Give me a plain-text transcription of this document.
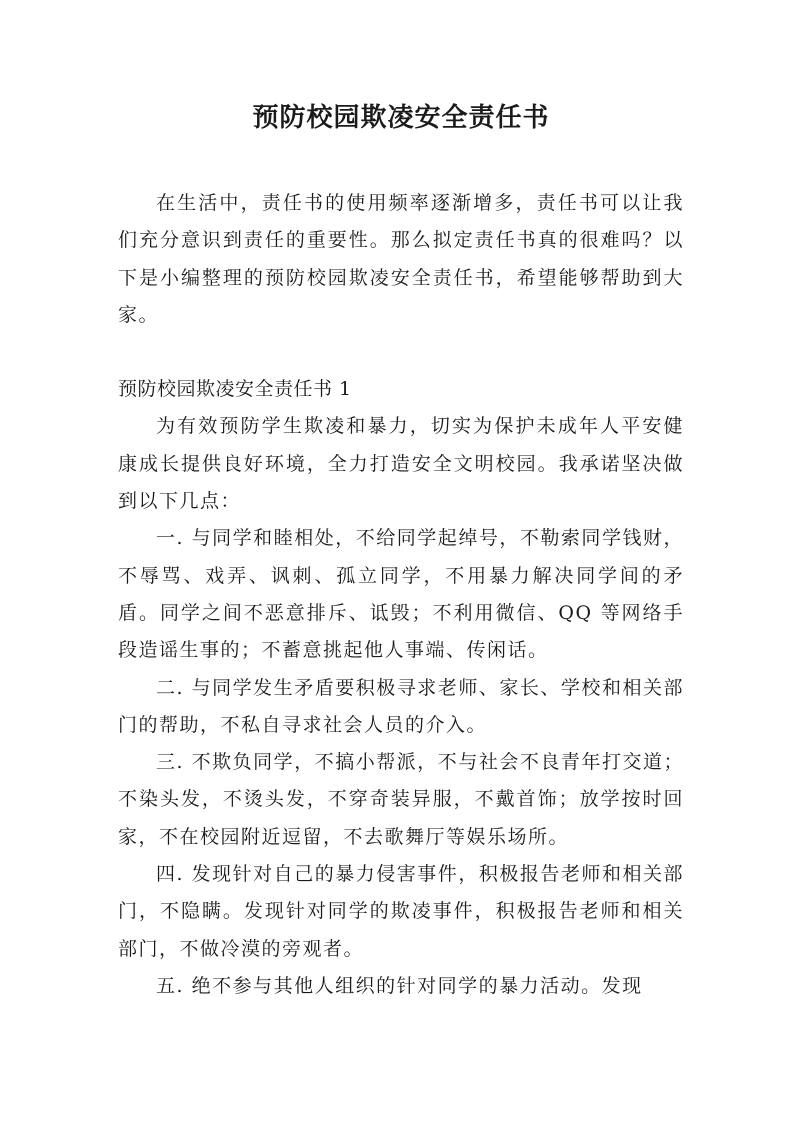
预防校园欺凌安全责任书

在生活中，责任书的使用频率逐渐增多，责任书可以让我们充分意识到责任的重要性。那么拟定责任书真的很难吗？以下是小编整理的预防校园欺凌安全责任书，希望能够帮助到大家。

预防校园欺凌安全责任书 1

为有效预防学生欺凌和暴力，切实为保护未成年人平安健康成长提供良好环境，全力打造安全文明校园。我承诺坚决做到以下几点：

一. 与同学和睦相处，不给同学起绰号，不勒索同学钱财，不辱骂、戏弄、讽刺、孤立同学，不用暴力解决同学间的矛盾。同学之间不恶意排斥、诋毁；不利用微信、QQ 等网络手段造谣生事的；不蓄意挑起他人事端、传闲话。

二. 与同学发生矛盾要积极寻求老师、家长、学校和相关部门的帮助，不私自寻求社会人员的介入。

三. 不欺负同学，不搞小帮派，不与社会不良青年打交道；不染头发，不烫头发，不穿奇装异服，不戴首饰；放学按时回家，不在校园附近逗留，不去歌舞厅等娱乐场所。

四. 发现针对自己的暴力侵害事件，积极报告老师和相关部门，不隐瞒。发现针对同学的欺凌事件，积极报告老师和相关部门，不做冷漠的旁观者。

五. 绝不参与其他人组织的针对同学的暴力活动。发现
